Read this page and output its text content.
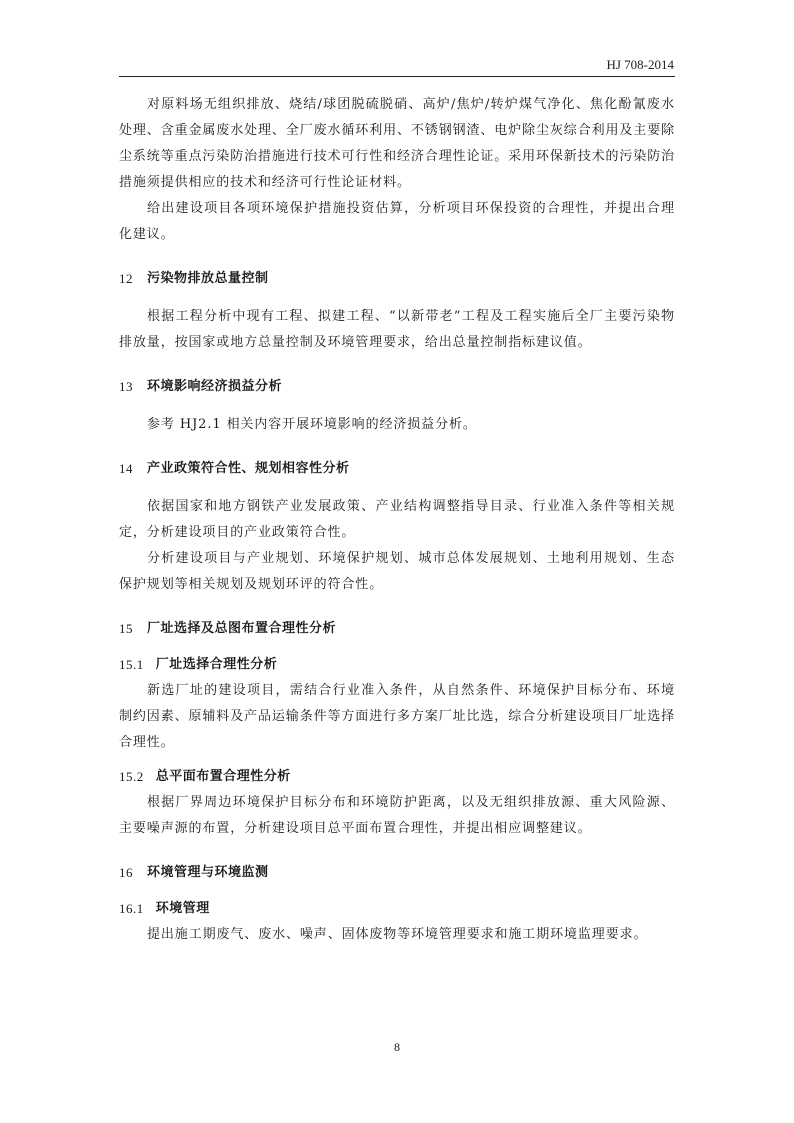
HJ 708-2014

对原料场无组织排放、烧结/球团脱硫脱硝、高炉/焦炉/转炉煤气净化、焦化酚氰废水处理、含重金属废水处理、全厂废水循环利用、不锈钢钢渣、电炉除尘灰综合利用及主要除尘系统等重点污染防治措施进行技术可行性和经济合理性论证。采用环保新技术的污染防治措施须提供相应的技术和经济可行性论证材料。

给出建设项目各项环境保护措施投资估算，分析项目环保投资的合理性，并提出合理化建议。

12 污染物排放总量控制

根据工程分析中现有工程、拟建工程、“以新带老”工程及工程实施后全厂主要污染物排放量，按国家或地方总量控制及环境管理要求，给出总量控制指标建议值。

13 环境影响经济损益分析

参考 HJ2.1 相关内容开展环境影响的经济损益分析。

14 产业政策符合性、规划相容性分析

依据国家和地方钢铁产业发展政策、产业结构调整指导目录、行业准入条件等相关规定，分析建设项目的产业政策符合性。

分析建设项目与产业规划、环境保护规划、城市总体发展规划、土地利用规划、生态保护规划等相关规划及规划环评的符合性。

15 厂址选择及总图布置合理性分析
15.1 厂址选择合理性分析

新选厂址的建设项目，需结合行业准入条件，从自然条件、环境保护目标分布、环境制约因素、原辅料及产品运输条件等方面进行多方案厂址比选，综合分析建设项目厂址选择合理性。

15.2 总平面布置合理性分析

根据厂界周边环境保护目标分布和环境防护距离，以及无组织排放源、重大风险源、主要噪声源的布置，分析建设项目总平面布置合理性，并提出相应调整建议。

16 环境管理与环境监测
16.1 环境管理

提出施工期废气、废水、噪声、固体废物等环境管理要求和施工期环境监理要求。

8
